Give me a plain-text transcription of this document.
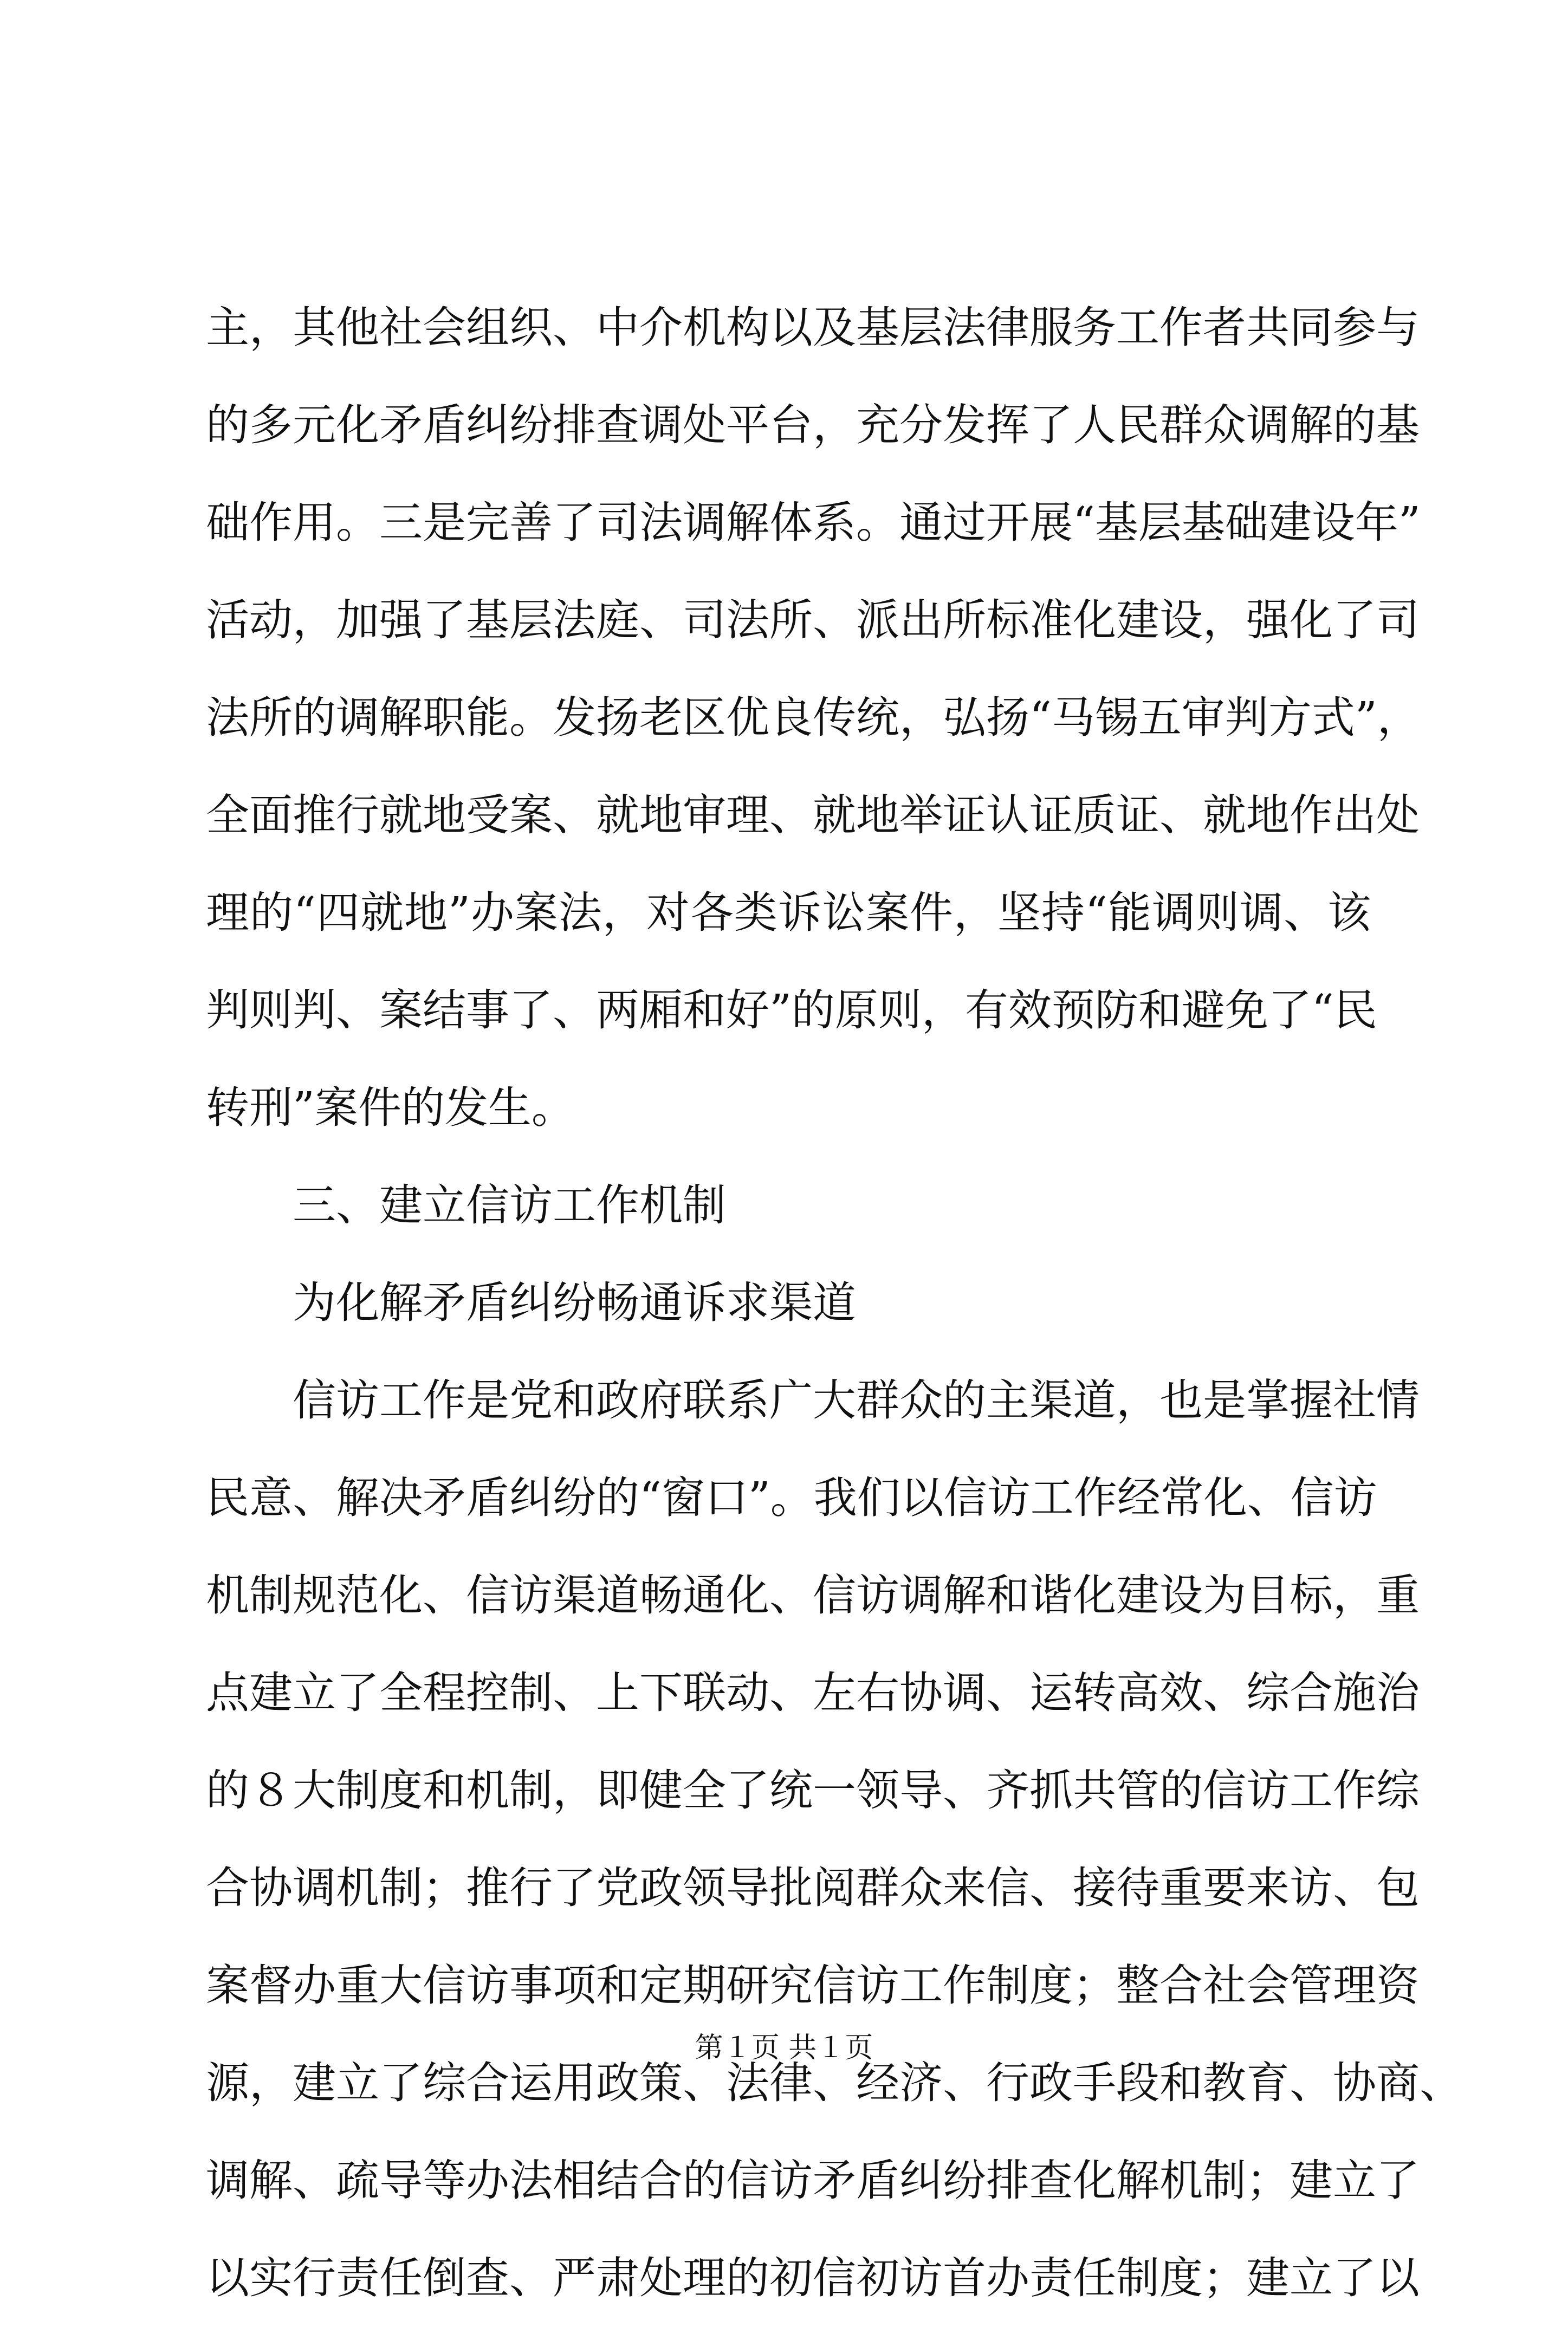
主，其他社会组织、中介机构以及基层法律服务工作者共同参与
的多元化矛盾纠纷排查调处平台，充分发挥了人民群众调解的基
础作用。三是完善了司法调解体系。通过开展“基层基础建设年”
活动，加强了基层法庭、司法所、派出所标准化建设，强化了司
法所的调解职能。发扬老区优良传统，弘扬“马锡五审判方式”，
全面推行就地受案、就地审理、就地举证认证质证、就地作出处
理的“四就地”办案法，对各类诉讼案件，坚持“能调则调、该
判则判、案结事了、两厢和好”的原则，有效预防和避免了“民
转刑”案件的发生。
三、建立信访工作机制
为化解矛盾纠纷畅通诉求渠道
信访工作是党和政府联系广大群众的主渠道，也是掌握社情
民意、解决矛盾纠纷的“窗口”。我们以信访工作经常化、信访
机制规范化、信访渠道畅通化、信访调解和谐化建设为目标，重
点建立了全程控制、上下联动、左右协调、运转高效、综合施治
的８大制度和机制，即健全了统一领导、齐抓共管的信访工作综
合协调机制；推行了党政领导批阅群众来信、接待重要来访、包
案督办重大信访事项和定期研究信访工作制度；整合社会管理资
源，建立了综合运用政策、法律、经济、行政手段和教育、协商、
调解、疏导等办法相结合的信访矛盾纠纷排查化解机制；建立了
以实行责任倒查、严肃处理的初信初访首办责任制度；建立了以
第１页 共１页
